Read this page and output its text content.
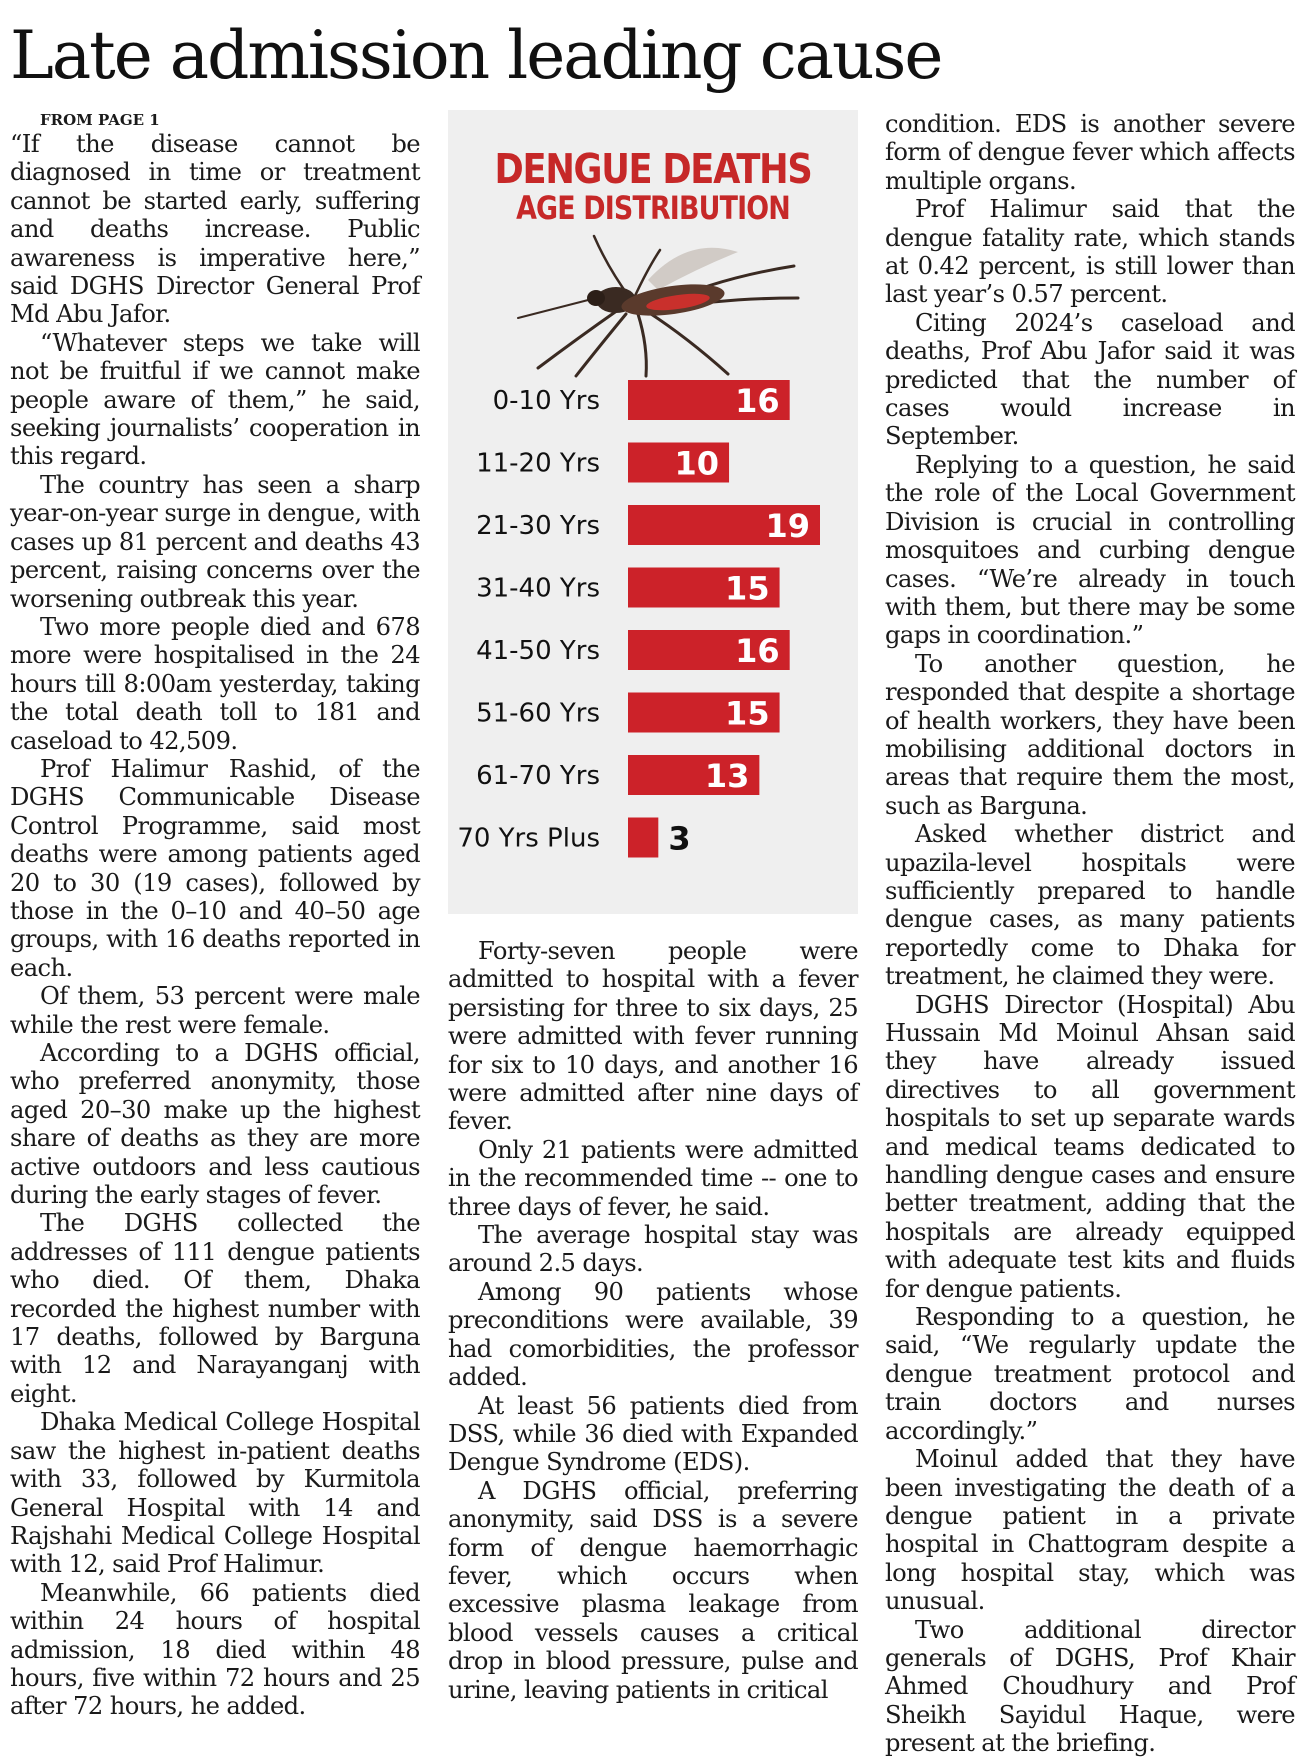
Late admission leading cause

FROM PAGE 1

“If the disease cannot be diagnosed in time or treatment cannot be started early, suffering and deaths increase. Public awareness is imperative here,” said DGHS Director General Prof Md Abu Jafor.

“Whatever steps we take will not be fruitful if we cannot make people aware of them,” he said, seeking journalists’ cooperation in this regard.

The country has seen a sharp year-on-year surge in dengue, with cases up 81 percent and deaths 43 percent, raising concerns over the worsening outbreak this year.

Two more people died and 678 more were hospitalised in the 24 hours till 8:00am yesterday, taking the total death toll to 181 and caseload to 42,509.

Prof Halimur Rashid, of the DGHS Communicable Disease Control Programme, said most deaths were among patients aged 20 to 30 (19 cases), followed by those in the 0–10 and 40–50 age groups, with 16 deaths reported in each.

Of them, 53 percent were male while the rest were female.

According to a DGHS official, who preferred anonymity, those aged 20–30 make up the highest share of deaths as they are more active outdoors and less cautious during the early stages of fever.

The DGHS collected the addresses of 111 dengue patients who died. Of them, Dhaka recorded the highest number with 17 deaths, followed by Barguna with 12 and Narayanganj with eight.

Dhaka Medical College Hospital saw the highest in-patient deaths with 33, followed by Kurmitola General Hospital with 14 and Rajshahi Medical College Hospital with 12, said Prof Halimur.

Meanwhile, 66 patients died within 24 hours of hospital admission, 18 died within 48 hours, five within 72 hours and 25 after 72 hours, he added.

DENGUE DEATHS
AGE DISTRIBUTION
0-10 Yrs	16
11-20 Yrs 10
21-30 Yrs	19
31-40 Yrs	15
41-50 Yrs	16
51-60 Yrs	15
61-70 Yrs	13
70 Yrs Plus 3

Forty-seven people were admitted to hospital with a fever persisting for three to six days, 25 were admitted with fever running for six to 10 days, and another 16 were admitted after nine days of fever.

Only 21 patients were admitted in the recommended time -- one to three days of fever, he said.

The average hospital stay was around 2.5 days.

Among 90 patients whose preconditions were available, 39 had comorbidities, the professor added.

At least 56 patients died from DSS, while 36 died with Expanded Dengue Syndrome (EDS).

A DGHS official, preferring anonymity, said DSS is a severe form of dengue haemorrhagic fever, which occurs when excessive plasma leakage from blood vessels causes a critical drop in blood pressure, pulse and urine, leaving patients in critical

condition. EDS is another severe form of dengue fever which affects multiple organs.

Prof Halimur said that the dengue fatality rate, which stands at 0.42 percent, is still lower than last year’s 0.57 percent.

Citing 2024’s caseload and deaths, Prof Abu Jafor said it was predicted that the number of cases would increase in September.

Replying to a question, he said the role of the Local Government Division is crucial in controlling mosquitoes and curbing dengue cases. “We’re already in touch with them, but there may be some gaps in coordination.”

To another question, he responded that despite a shortage of health workers, they have been mobilising additional doctors in areas that require them the most, such as Barguna.

Asked whether district and upazila-level hospitals were sufficiently prepared to handle dengue cases, as many patients reportedly come to Dhaka for treatment, he claimed they were.

DGHS Director (Hospital) Abu Hussain Md Moinul Ahsan said they have already issued directives to all government hospitals to set up separate wards and medical teams dedicated to handling dengue cases and ensure better treatment, adding that the hospitals are already equipped with adequate test kits and fluids for dengue patients.

Responding to a question, he said, “We regularly update the dengue treatment protocol and train doctors and nurses accordingly.”

Moinul added that they have been investigating the death of a dengue patient in a private hospital in Chattogram despite a long hospital stay, which was unusual.

Two additional director generals of DGHS, Prof Khair Ahmed Choudhury and Prof Sheikh Sayidul Haque, were present at the briefing.
